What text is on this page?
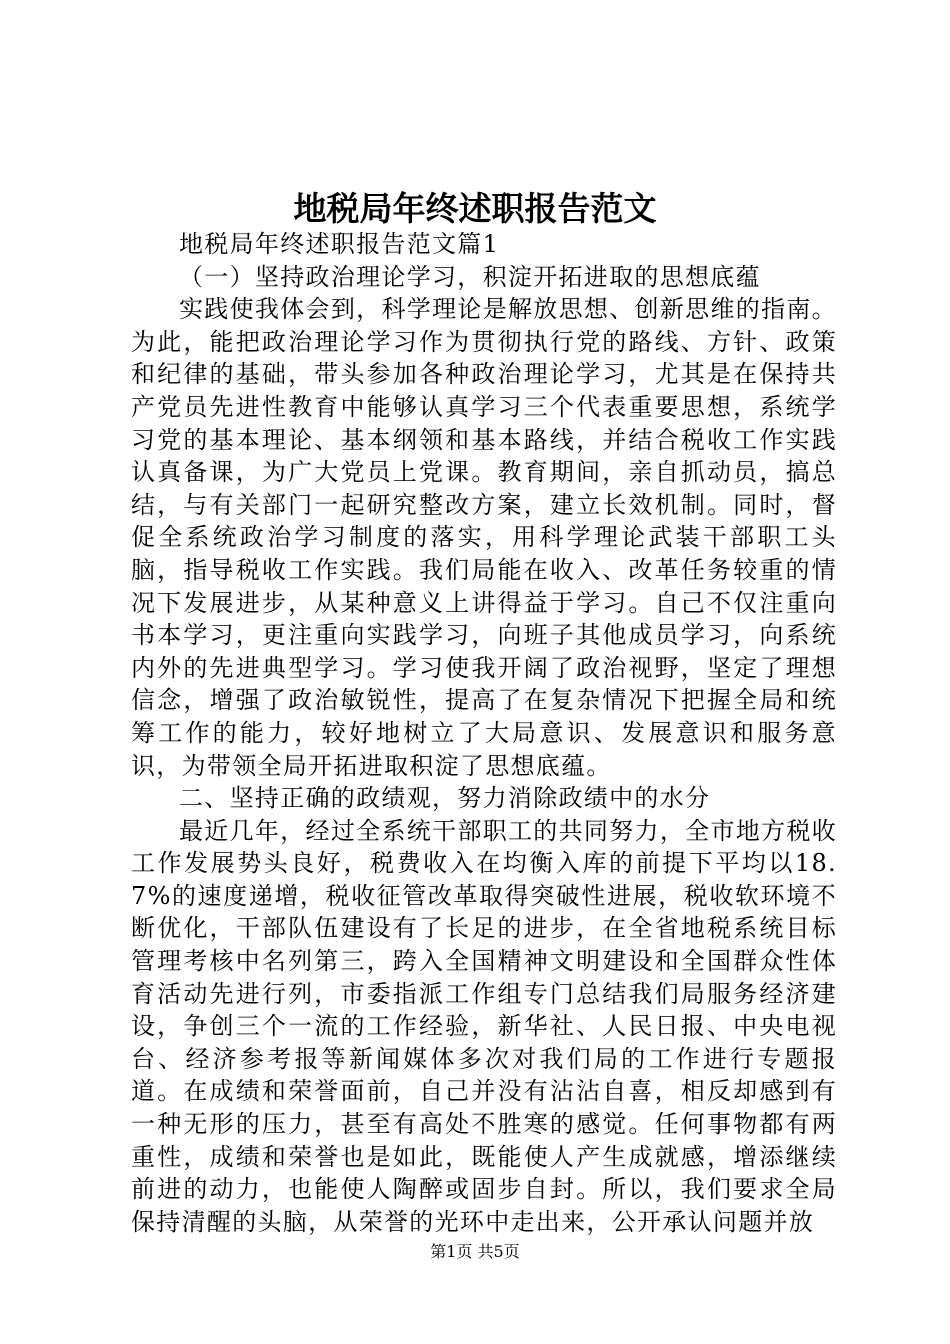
地税局年终述职报告范文

地税局年终述职报告范文篇1

（一）坚持政治理论学习，积淀开拓进取的思想底蕴

实践使我体会到，科学理论是解放思想、创新思维的指南。为此，能把政治理论学习作为贯彻执行党的路线、方针、政策和纪律的基础，带头参加各种政治理论学习，尤其是在保持共产党员先进性教育中能够认真学习三个代表重要思想，系统学习党的基本理论、基本纲领和基本路线，并结合税收工作实践认真备课，为广大党员上党课。教育期间，亲自抓动员，搞总结，与有关部门一起研究整改方案，建立长效机制。同时，督促全系统政治学习制度的落实，用科学理论武装干部职工头脑，指导税收工作实践。我们局能在收入、改革任务较重的情况下发展进步，从某种意义上讲得益于学习。自己不仅注重向书本学习，更注重向实践学习，向班子其他成员学习，向系统内外的先进典型学习。学习使我开阔了政治视野，坚定了理想信念，增强了政治敏锐性，提高了在复杂情况下把握全局和统筹工作的能力，较好地树立了大局意识、发展意识和服务意识，为带领全局开拓进取积淀了思想底蕴。

二、坚持正确的政绩观，努力消除政绩中的水分

最近几年，经过全系统干部职工的共同努力，全市地方税收工作发展势头良好，税费收入在均衡入库的前提下平均以18.7%的速度递增，税收征管改革取得突破性进展，税收软环境不断优化，干部队伍建设有了长足的进步，在全省地税系统目标管理考核中名列第三，跨入全国精神文明建设和全国群众性体育活动先进行列，市委指派工作组专门总结我们局服务经济建设，争创三个一流的工作经验，新华社、人民日报、中央电视台、经济参考报等新闻媒体多次对我们局的工作进行专题报道。在成绩和荣誉面前，自己并没有沾沾自喜，相反却感到有一种无形的压力，甚至有高处不胜寒的感觉。任何事物都有两重性，成绩和荣誉也是如此，既能使人产生成就感，增添继续前进的动力，也能使人陶醉或固步自封。所以，我们要求全局保持清醒的头脑，从荣誉的光环中走出来，公开承认问题并放

第1页 共5页
